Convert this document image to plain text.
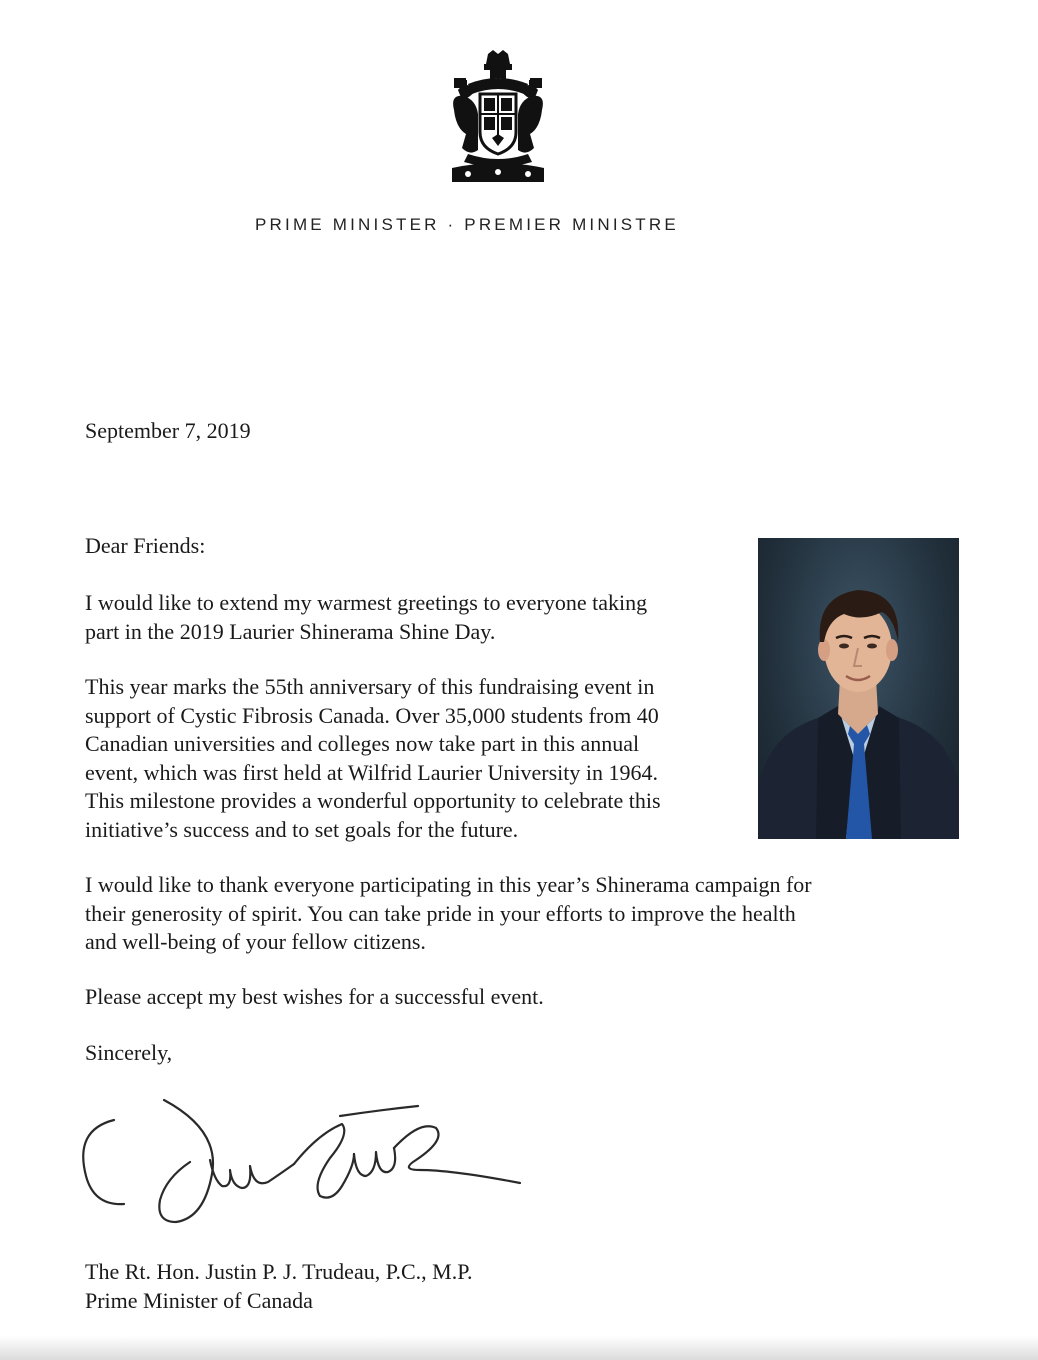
PRIME MINISTER · PREMIER MINISTRE
September 7, 2019
Dear Friends:

I would like to extend my warmest greetings to everyone taking
part in the 2019 Laurier Shinerama Shine Day.

This year marks the 55th anniversary of this fundraising event in
support of Cystic Fibrosis Canada. Over 35,000 students from 40
Canadian universities and colleges now take part in this annual
event, which was first held at Wilfrid Laurier University in 1964.
This milestone provides a wonderful opportunity to celebrate this
initiative’s success and to set goals for the future.

I would like to thank everyone participating in this year’s Shinerama campaign for
their generosity of spirit. You can take pride in your efforts to improve the health
and well-being of your fellow citizens.

Please accept my best wishes for a successful event.

Sincerely,
The Rt. Hon. Justin P. J. Trudeau, P.C., M.P.
Prime Minister of Canada
